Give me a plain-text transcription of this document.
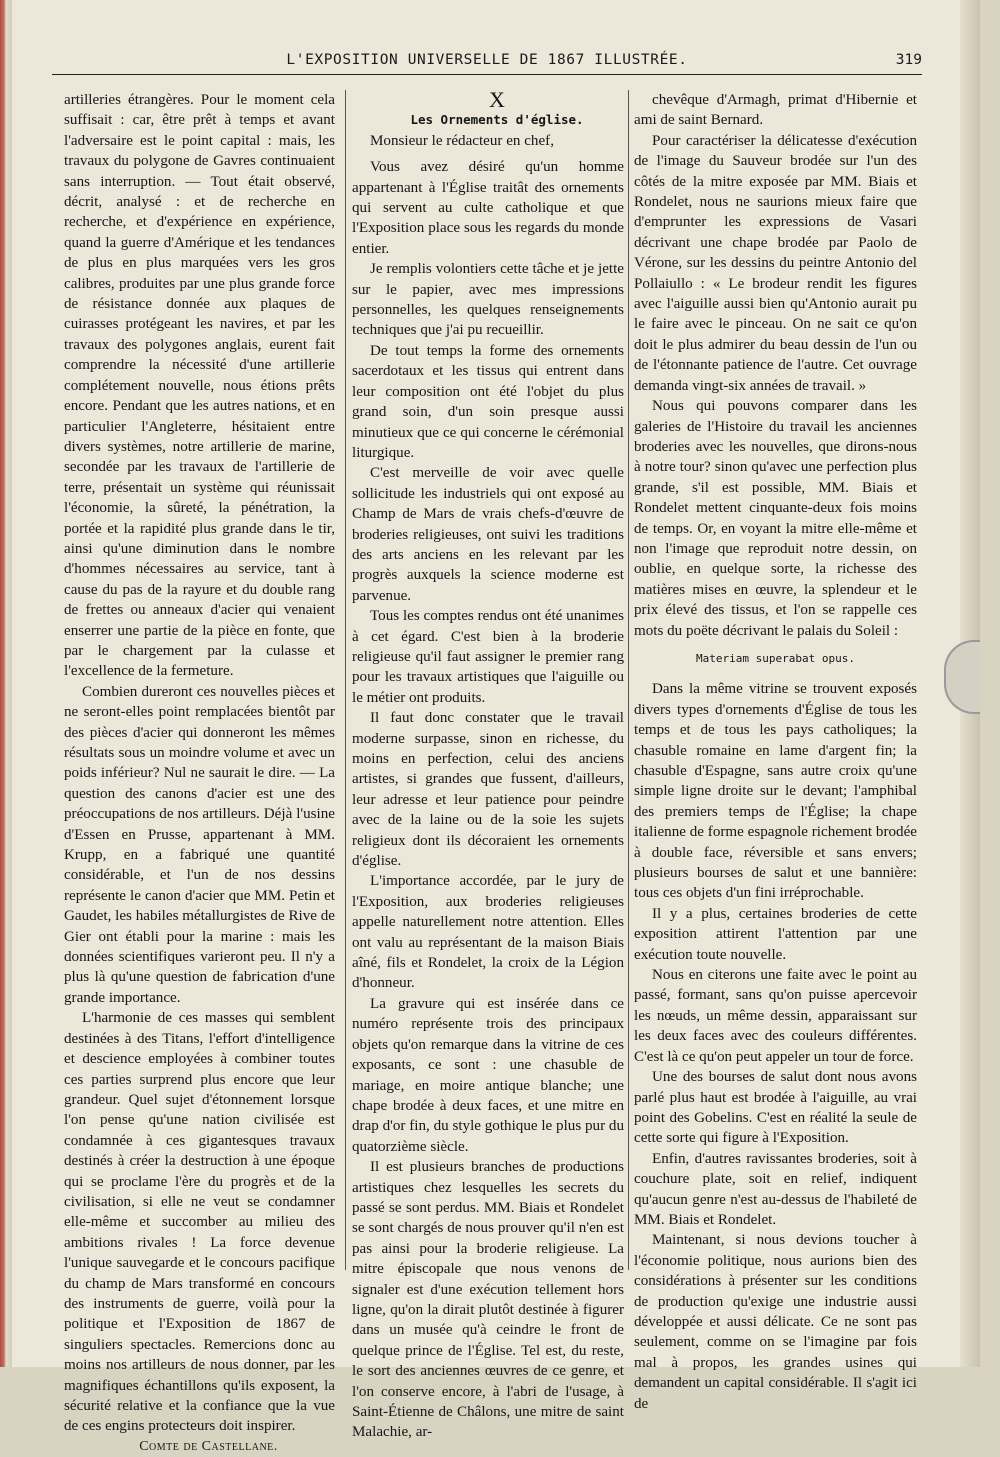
L'EXPOSITION UNIVERSELLE DE 1867 ILLUSTRÉE.	319

artilleries étrangères. Pour le moment cela suffisait : car, être prêt à temps et avant l'adversaire est le point capital : mais, les travaux du polygone de Gavres continuaient sans interruption. — Tout était observé, décrit, analysé : et de recherche en recherche, et d'expérience en expérience, quand la guerre d'Amérique et les tendances de plus en plus marquées vers les gros calibres, produites par une plus grande force de résistance donnée aux plaques de cuirasses protégeant les navires, et par les travaux des polygones anglais, eurent fait comprendre la nécessité d'une artillerie complétement nouvelle, nous étions prêts encore. Pendant que les autres nations, et en particulier l'Angleterre, hésitaient entre divers systèmes, notre artillerie de marine, secondée par les travaux de l'artillerie de terre, présentait un système qui réunissait l'économie, la sûreté, la pénétration, la portée et la rapidité plus grande dans le tir, ainsi qu'une diminution dans le nombre d'hommes nécessaires au service, tant à cause du pas de la rayure et du double rang de frettes ou anneaux d'acier qui venaient enserrer une partie de la pièce en fonte, que par le chargement par la culasse et l'excellence de la fermeture.

Combien dureront ces nouvelles pièces et ne seront-elles point remplacées bientôt par des pièces d'acier qui donneront les mêmes résultats sous un moindre volume et avec un poids inférieur? Nul ne saurait le dire. — La question des canons d'acier est une des préoccupations de nos artilleurs. Déjà l'usine d'Essen en Prusse, appartenant à MM. Krupp, en a fabriqué une quantité considérable, et l'un de nos dessins représente le canon d'acier que MM. Petin et Gaudet, les habiles métallurgistes de Rive de Gier ont établi pour la marine : mais les données scientifiques varieront peu. Il n'y a plus là qu'une question de fabrication d'une grande importance.

L'harmonie de ces masses qui semblent destinées à des Titans, l'effort d'intelligence et descience employées à combiner toutes ces parties surprend plus encore que leur grandeur. Quel sujet d'étonnement lorsque l'on pense qu'une nation civilisée est condamnée à ces gigantesques travaux destinés à créer la destruction à une époque qui se proclame l'ère du progrès et de la civilisation, si elle ne veut se condamner elle-même et succomber au milieu des ambitions rivales ! La force devenue l'unique sauvegarde et le concours pacifique du champ de Mars transformé en concours des instruments de guerre, voilà pour la politique et l'Exposition de 1867 de singuliers spectacles. Remercions donc au moins nos artilleurs de nous donner, par les magnifiques échantillons qu'ils exposent, la sécurité relative et la confiance que la vue de ces engins protecteurs doit inspirer.

Comte de Castellane.

X

Les Ornements d'église.

Monsieur le rédacteur en chef,

Vous avez désiré qu'un homme appartenant à l'Église traitât des ornements qui servent au culte catholique et que l'Exposition place sous les regards du monde entier.

Je remplis volontiers cette tâche et je jette sur le papier, avec mes impressions personnelles, les quelques renseignements techniques que j'ai pu recueillir.

De tout temps la forme des ornements sacerdotaux et les tissus qui entrent dans leur composition ont été l'objet du plus grand soin, d'un soin presque aussi minutieux que ce qui concerne le cérémonial liturgique.

C'est merveille de voir avec quelle sollicitude les industriels qui ont exposé au Champ de Mars de vrais chefs-d'œuvre de broderies religieuses, ont suivi les traditions des arts anciens en les relevant par les progrès auxquels la science moderne est parvenue.

Tous les comptes rendus ont été unanimes à cet égard. C'est bien à la broderie religieuse qu'il faut assigner le premier rang pour les travaux artistiques que l'aiguille ou le métier ont produits.

Il faut donc constater que le travail moderne surpasse, sinon en richesse, du moins en perfection, celui des anciens artistes, si grandes que fussent, d'ailleurs, leur adresse et leur patience pour peindre avec de la laine ou de la soie les sujets religieux dont ils décoraient les ornements d'église.

L'importance accordée, par le jury de l'Exposition, aux broderies religieuses appelle naturellement notre attention. Elles ont valu au représentant de la maison Biais aîné, fils et Rondelet, la croix de la Légion d'honneur.

La gravure qui est insérée dans ce numéro représente trois des principaux objets qu'on remarque dans la vitrine de ces exposants, ce sont : une chasuble de mariage, en moire antique blanche; une chape brodée à deux faces, et une mitre en drap d'or fin, du style gothique le plus pur du quatorzième siècle.

Il est plusieurs branches de productions artistiques chez lesquelles les secrets du passé se sont perdus. MM. Biais et Rondelet se sont chargés de nous prouver qu'il n'en est pas ainsi pour la broderie religieuse. La mitre épiscopale que nous venons de signaler est d'une exécution tellement hors ligne, qu'on la dirait plutôt destinée à figurer dans un musée qu'à ceindre le front de quelque prince de l'Église. Tel est, du reste, le sort des anciennes œuvres de ce genre, et l'on conserve encore, à l'abri de l'usage, à Saint-Étienne de Châlons, une mitre de saint Malachie, ar-

chevêque d'Armagh, primat d'Hibernie et ami de saint Bernard.

Pour caractériser la délicatesse d'exécution de l'image du Sauveur brodée sur l'un des côtés de la mitre exposée par MM. Biais et Rondelet, nous ne saurions mieux faire que d'emprunter les expressions de Vasari décrivant une chape brodée par Paolo de Vérone, sur les dessins du peintre Antonio del Pollaiullo : « Le brodeur rendit les figures avec l'aiguille aussi bien qu'Antonio aurait pu le faire avec le pinceau. On ne sait ce qu'on doit le plus admirer du beau dessin de l'un ou de l'étonnante patience de l'autre. Cet ouvrage demanda vingt-six années de travail. »

Nous qui pouvons comparer dans les galeries de l'Histoire du travail les anciennes broderies avec les nouvelles, que dirons-nous à notre tour? sinon qu'avec une perfection plus grande, s'il est possible, MM. Biais et Rondelet mettent cinquante-deux fois moins de temps. Or, en voyant la mitre elle-même et non l'image que reproduit notre dessin, on oublie, en quelque sorte, la richesse des matières mises en œuvre, la splendeur et le prix élevé des tissus, et l'on se rappelle ces mots du poëte décrivant le palais du Soleil :

Materiam superabat opus.

Dans la même vitrine se trouvent exposés divers types d'ornements d'Église de tous les temps et de tous les pays catholiques; la chasuble romaine en lame d'argent fin; la chasuble d'Espagne, sans autre croix qu'une simple ligne droite sur le devant; l'amphibal des premiers temps de l'Église; la chape italienne de forme espagnole richement brodée à double face, réversible et sans envers; plusieurs bourses de salut et une bannière: tous ces objets d'un fini irréprochable.

Il y a plus, certaines broderies de cette exposition attirent l'attention par une exécution toute nouvelle.

Nous en citerons une faite avec le point au passé, formant, sans qu'on puisse apercevoir les nœuds, un même dessin, apparaissant sur les deux faces avec des couleurs différentes. C'est là ce qu'on peut appeler un tour de force.

Une des bourses de salut dont nous avons parlé plus haut est brodée à l'aiguille, au vrai point des Gobelins. C'est en réalité la seule de cette sorte qui figure à l'Exposition.

Enfin, d'autres ravissantes broderies, soit à couchure plate, soit en relief, indiquent qu'aucun genre n'est au-dessus de l'habileté de MM. Biais et Rondelet.

Maintenant, si nous devions toucher à l'économie politique, nous aurions bien des considérations à présenter sur les conditions de production qu'exige une industrie aussi développée et aussi délicate. Ce ne sont pas seulement, comme on se l'imagine par fois mal à propos, les grandes usines qui demandent un capital considérable. Il s'agit ici de
